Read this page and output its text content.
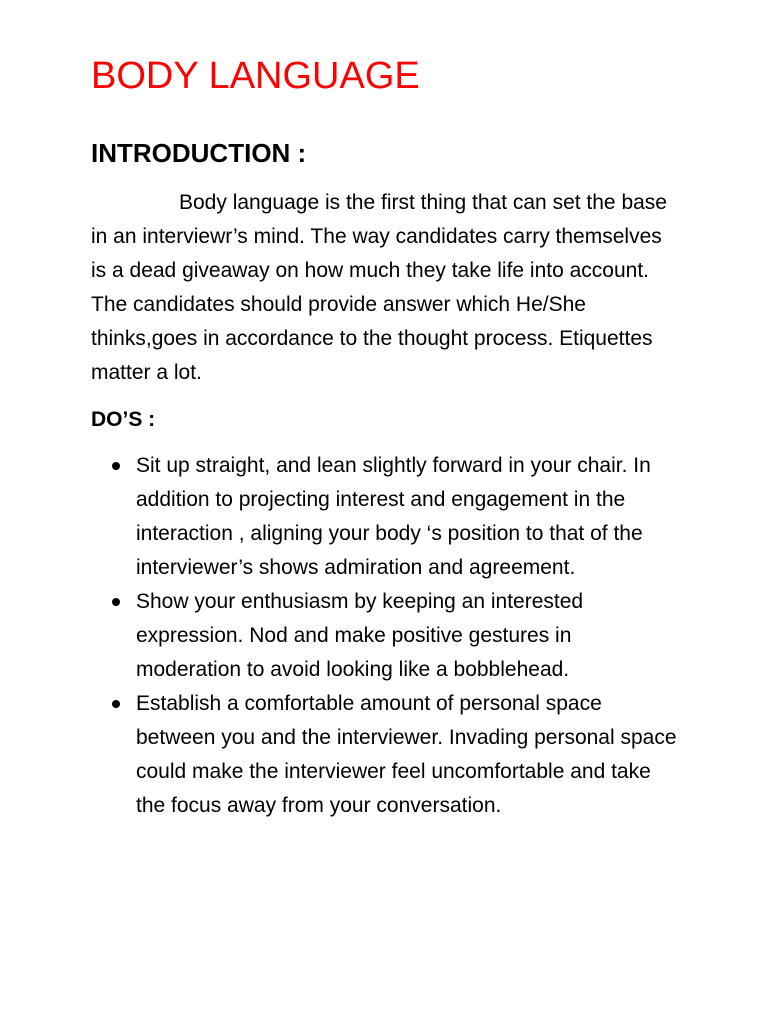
BODY LANGUAGE
INTRODUCTION :

Body language is the first thing that can set the base in an interviewr’s mind. The way candidates carry themselves is a dead giveaway on how much they take life into account. The candidates should provide answer which He/She thinks,goes in accordance to the thought process. Etiquettes matter a lot.

DO’S :
Sit up straight, and lean slightly forward in your chair. In addition to projecting interest and engagement in the interaction , aligning your body ‘s position to that of the interviewer’s shows admiration and agreement.
Show your enthusiasm by keeping an interested expression. Nod and make positive gestures in moderation to avoid looking like a bobblehead.
Establish a comfortable amount of personal space between you and the interviewer. Invading personal space could make the interviewer feel uncomfortable and take the focus away from your conversation.
